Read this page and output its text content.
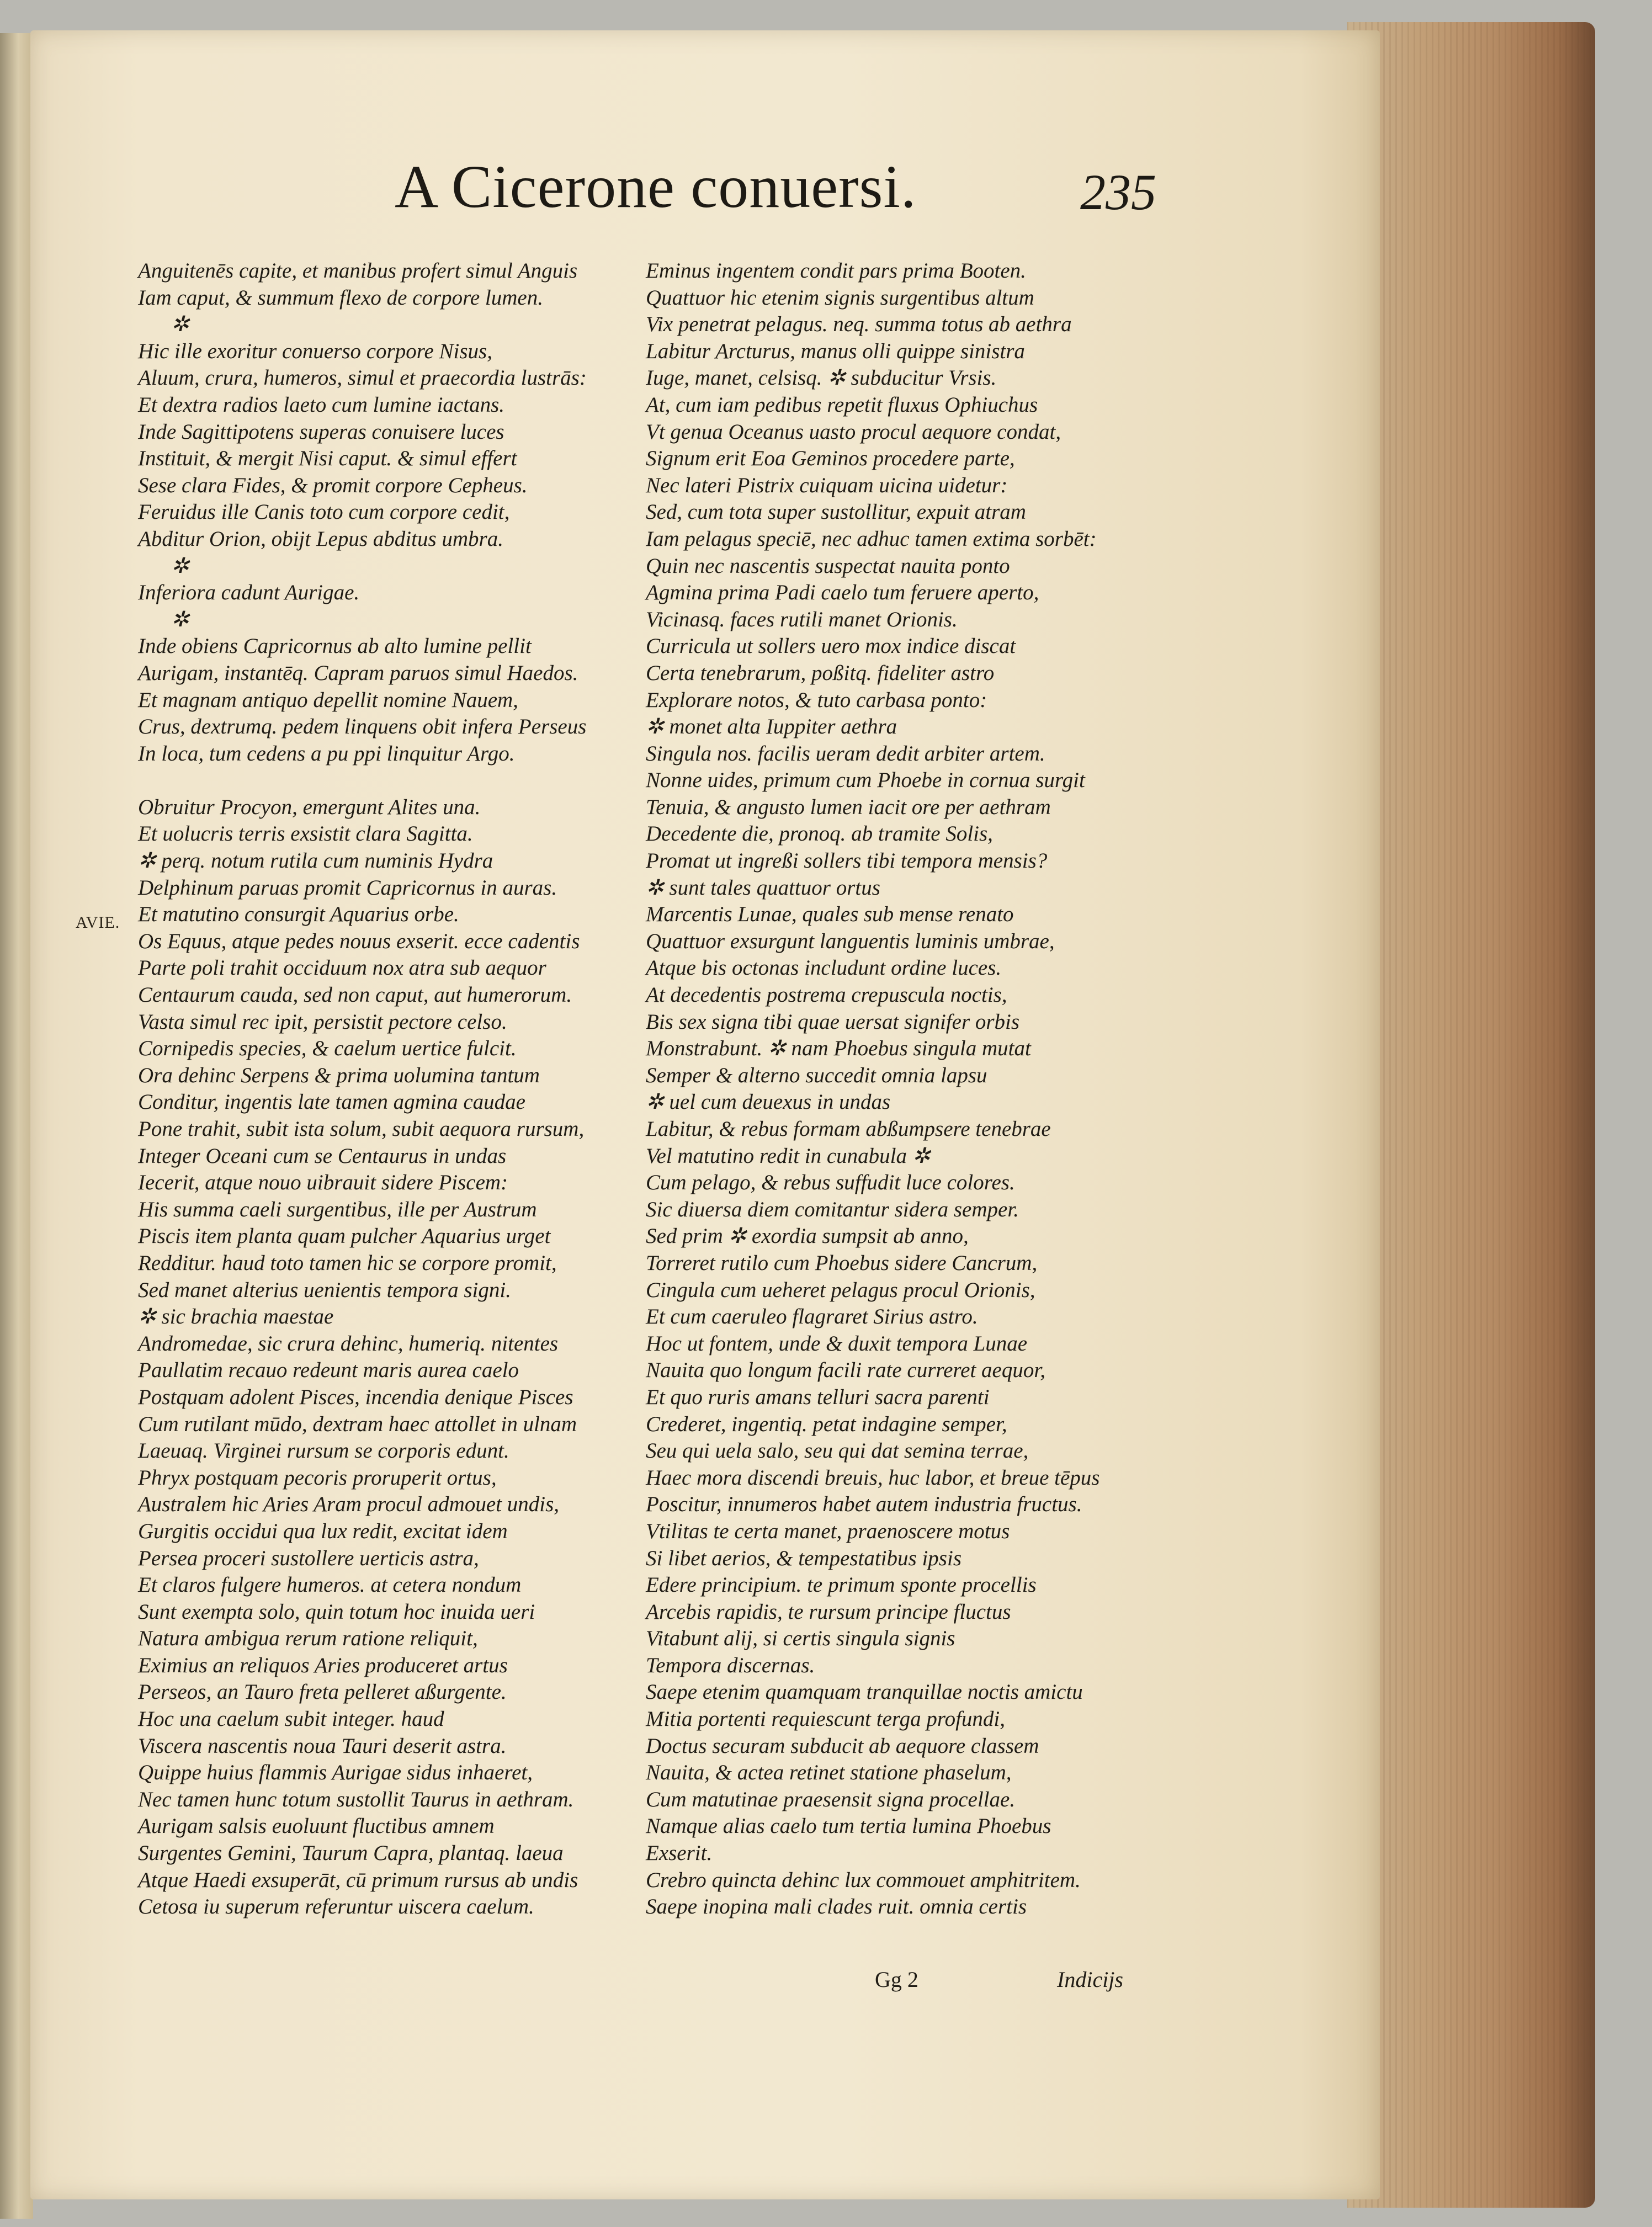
A Cicerone conuersi.	235
AVIE.
Anguitenēs capite, et manibus profert simul Anguis
Iam caput, & summum flexo de corpore lumen.
✲
Hic ille exoritur conuerso corpore Nisus,
Aluum, crura, humeros, simul et praecordia lustrās:
Et dextra radios laeto cum lumine iactans.
Inde Sagittipotens superas conuisere luces
Instituit, & mergit Nisi caput. & simul effert
Sese clara Fides, & promit corpore Cepheus.
Feruidus ille Canis toto cum corpore cedit,
Abditur Orion, obijt Lepus abditus umbra.
✲
Inferiora cadunt Aurigae.
✲
Inde obiens Capricornus ab alto lumine pellit
Aurigam, instantēq. Capram paruos simul Haedos.
Et magnam antiquo depellit nomine Nauem,
Crus, dextrumq. pedem linquens obit infera Perseus
In loca, tum cedens a pu ppi linquitur Argo.
Obruitur Procyon, emergunt Alites una.
Et uolucris terris exsistit clara Sagitta.
✲ perq. notum rutila cum numinis Hydra
Delphinum paruas promit Capricornus in auras.
Et matutino consurgit Aquarius orbe.
Os Equus, atque pedes nouus exserit. ecce cadentis
Parte poli trahit occiduum nox atra sub aequor
Centaurum cauda, sed non caput, aut humerorum.
Vasta simul rec ipit, persistit pectore celso.
Cornipedis species, & caelum uertice fulcit.
Ora dehinc Serpens & prima uolumina tantum
Conditur, ingentis late tamen agmina caudae
Pone trahit, subit ista solum, subit aequora rursum,
Integer Oceani cum se Centaurus in undas
Iecerit, atque nouo uibrauit sidere Piscem:
His summa caeli surgentibus, ille per Austrum
Piscis item planta quam pulcher Aquarius urget
Redditur. haud toto tamen hic se corpore promit,
Sed manet alterius uenientis tempora signi.
✲ sic brachia maestae
Andromedae, sic crura dehinc, humeriq. nitentes
Paullatim recauo redeunt maris aurea caelo
Postquam adolent Pisces, incendia denique Pisces
Cum rutilant mūdo, dextram haec attollet in ulnam
Laeuaq. Virginei rursum se corporis edunt.
Phryx postquam pecoris proruperit ortus,
Australem hic Aries Aram procul admouet undis,
Gurgitis occidui qua lux redit, excitat idem
Persea proceri sustollere uerticis astra,
Et claros fulgere humeros. at cetera nondum
Sunt exempta solo, quin totum hoc inuida ueri
Natura ambigua rerum ratione reliquit,
Eximius an reliquos Aries produceret artus
Perseos, an Tauro freta pelleret aßurgente.
Hoc una caelum subit integer. haud
Viscera nascentis noua Tauri deserit astra.
Quippe huius flammis Aurigae sidus inhaeret,
Nec tamen hunc totum sustollit Taurus in aethram.
Aurigam salsis euoluunt fluctibus amnem
Surgentes Gemini, Taurum Capra, plantaq. laeua
Atque Haedi exsuperāt, cū primum rursus ab undis
Cetosa iu superum referuntur uiscera caelum.
Eminus ingentem condit pars prima Booten.
Quattuor hic etenim signis surgentibus altum
Vix penetrat pelagus. neq. summa totus ab aethra
Labitur Arcturus, manus olli quippe sinistra
Iuge, manet, celsisq. ✲ subducitur Vrsis.
At, cum iam pedibus repetit fluxus Ophiuchus
Vt genua Oceanus uasto procul aequore condat,
Signum erit Eoa Geminos procedere parte,
Nec lateri Pistrix cuiquam uicina uidetur:
Sed, cum tota super sustollitur, expuit atram
Iam pelagus speciē, nec adhuc tamen extima sorbēt:
Quin nec nascentis suspectat nauita ponto
Agmina prima Padi caelo tum feruere aperto,
Vicinasq. faces rutili manet Orionis.
Curricula ut sollers uero mox indice discat
Certa tenebrarum, poßitq. fideliter astro
Explorare notos, & tuto carbasa ponto:
✲ monet alta Iuppiter aethra
Singula nos. facilis ueram dedit arbiter artem.
Nonne uides, primum cum Phoebe in cornua surgit
Tenuia, & angusto lumen iacit ore per aethram
Decedente die, pronoq. ab tramite Solis,
Promat ut ingreßi sollers tibi tempora mensis?
✲ sunt tales quattuor ortus
Marcentis Lunae, quales sub mense renato
Quattuor exsurgunt languentis luminis umbrae,
Atque bis octonas includunt ordine luces.
At decedentis postrema crepuscula noctis,
Bis sex signa tibi quae uersat signifer orbis
Monstrabunt. ✲ nam Phoebus singula mutat
Semper & alterno succedit omnia lapsu
✲ uel cum deuexus in undas
Labitur, & rebus formam abßumpsere tenebrae
Vel matutino redit in cunabula ✲
Cum pelago, & rebus suffudit luce colores.
Sic diuersa diem comitantur sidera semper.
Sed prim ✲ exordia sumpsit ab anno,
Torreret rutilo cum Phoebus sidere Cancrum,
Cingula cum ueheret pelagus procul Orionis,
Et cum caeruleo flagraret Sirius astro.
Hoc ut fontem, unde & duxit tempora Lunae
Nauita quo longum facili rate curreret aequor,
Et quo ruris amans telluri sacra parenti
Crederet, ingentiq. petat indagine semper,
Seu qui uela salo, seu qui dat semina terrae,
Haec mora discendi breuis, huc labor, et breue tēpus
Poscitur, innumeros habet autem industria fructus.
Vtilitas te certa manet, praenoscere motus
Si libet aerios, & tempestatibus ipsis
Edere principium. te primum sponte procellis
Arcebis rapidis, te rursum principe fluctus
Vitabunt alij, si certis singula signis
Tempora discernas.
Saepe etenim quamquam tranquillae noctis amictu
Mitia portenti requiescunt terga profundi,
Doctus securam subducit ab aequore classem
Nauita, & actea retinet statione phaselum,
Cum matutinae praesensit signa procellae.
Namque alias caelo tum tertia lumina Phoebus
Exserit.
Crebro quincta dehinc lux commouet amphitritem.
Saepe inopina mali clades ruit. omnia certis
Gg 2	Indicijs
